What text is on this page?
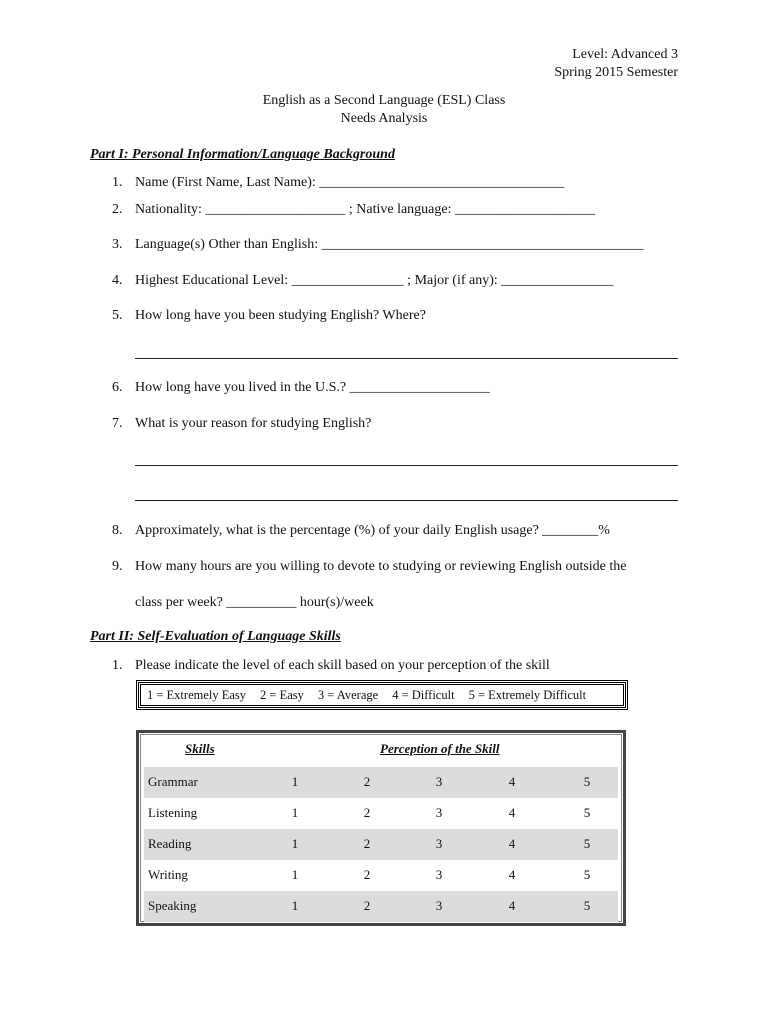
Level: Advanced 3
Spring 2015 Semester
English as a Second Language (ESL) Class
Needs Analysis
Part I: Personal Information/Language Background
1. Name (First Name, Last Name): ___________________________________
2. Nationality: ____________________ ; Native language: ____________________
3. Language(s) Other than English: ______________________________________________
4. Highest Educational Level: ________________ ; Major (if any): ________________
5. How long have you been studying English? Where?
6. How long have you lived in the U.S.? ____________________
7. What is your reason for studying English?
8. Approximately, what is the percentage (%) of your daily English usage? ________%
9. How many hours are you willing to devote to studying or reviewing English outside the
class per week? __________ hour(s)/week
Part II: Self-Evaluation of Language Skills
1. Please indicate the level of each skill based on your perception of the skill
1 = Extremely Easy 2 = Easy 3 = Average 4 = Difficult 5 = Extremely Difficult
Skills	Perception of the Skill
Grammar	1	2	3	4	5
Listening	1	2	3	4	5
Reading	1	2	3	4	5
Writing	1	2	3	4	5
Speaking	1	2	3	4	5
